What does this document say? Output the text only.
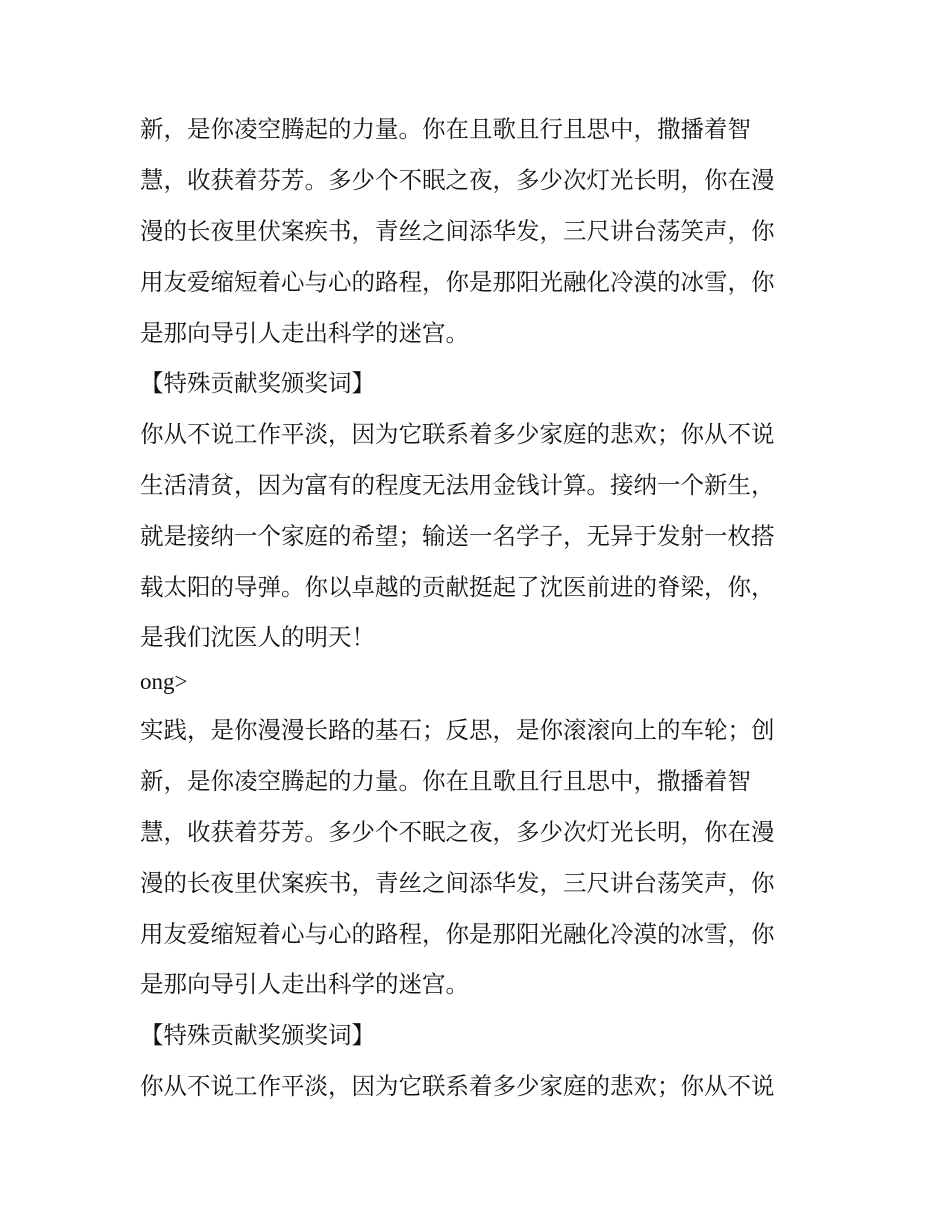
新，是你凌空腾起的力量。你在且歌且行且思中，撒播着智
慧，收获着芬芳。多少个不眠之夜，多少次灯光长明，你在漫
漫的长夜里伏案疾书，青丝之间添华发，三尺讲台荡笑声，你
用友爱缩短着心与心的路程，你是那阳光融化冷漠的冰雪，你
是那向导引人走出科学的迷宫。
【特殊贡献奖颁奖词】
你从不说工作平淡，因为它联系着多少家庭的悲欢；你从不说
生活清贫，因为富有的程度无法用金钱计算。接纳一个新生，
就是接纳一个家庭的希望；输送一名学子，无异于发射一枚搭
载太阳的导弹。你以卓越的贡献挺起了沈医前进的脊梁，你，
是我们沈医人的明天！
ong>
实践，是你漫漫长路的基石；反思，是你滚滚向上的车轮；创
新，是你凌空腾起的力量。你在且歌且行且思中，撒播着智
慧，收获着芬芳。多少个不眠之夜，多少次灯光长明，你在漫
漫的长夜里伏案疾书，青丝之间添华发，三尺讲台荡笑声，你
用友爱缩短着心与心的路程，你是那阳光融化冷漠的冰雪，你
是那向导引人走出科学的迷宫。
【特殊贡献奖颁奖词】
你从不说工作平淡，因为它联系着多少家庭的悲欢；你从不说
